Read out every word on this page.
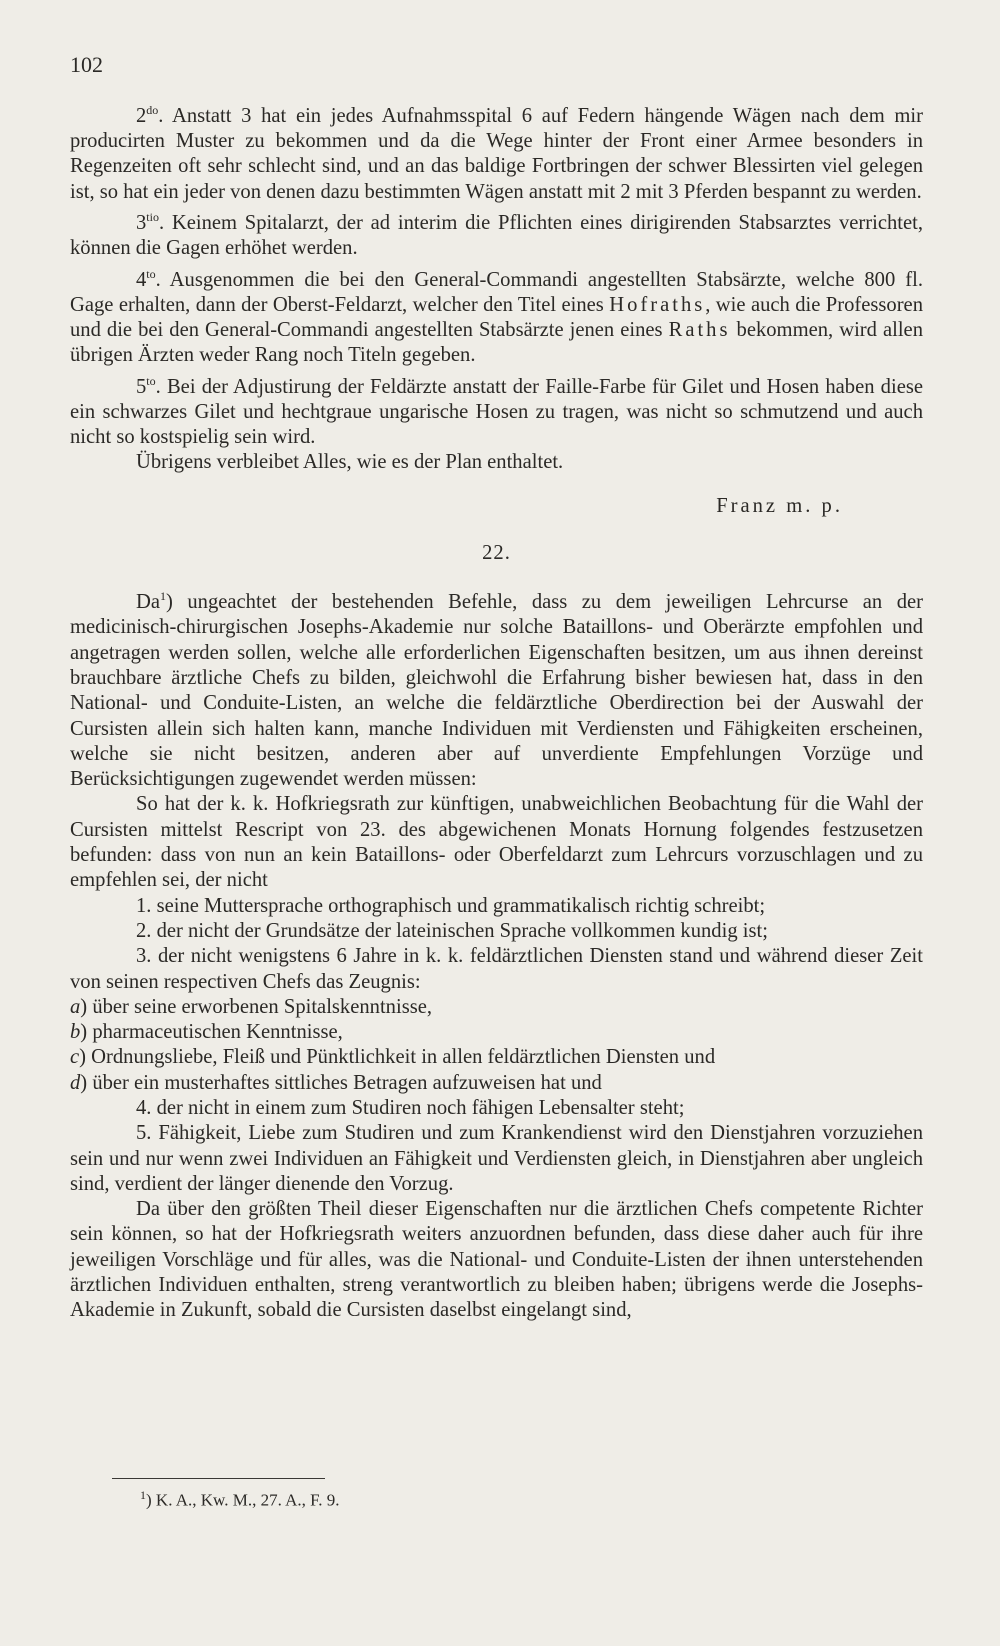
102

$2^{do}$. Anstatt 3 hat ein jedes Aufnahmsspital 6 auf Federn hängende Wägen nach dem mir producirten Muster zu bekommen und da die Wege hinter der Front einer Armee besonders in Regenzeiten oft sehr schlecht sind, und an das baldige Fortbringen der schwer Blessirten viel gelegen ist, so hat ein jeder von denen dazu bestimmten Wägen anstatt mit 2 mit 3 Pferden bespannt zu werden.

$3^{tio}$. Keinem Spitalarzt, der ad interim die Pflichten eines dirigirenden Stabsarztes verrichtet, können die Gagen erhöhet werden.

$4^{to}$. Ausgenommen die bei den General-Commandi angestellten Stabsärzte, welche 800 fl. Gage erhalten, dann der Oberst-Feldarzt, welcher den Titel eines Hofraths, wie auch die Professoren und die bei den General-Commandi angestellten Stabsärzte jenen eines Raths bekommen, wird allen übrigen Ärzten weder Rang noch Titeln gegeben.

$5^{to}$. Bei der Adjustirung der Feldärzte anstatt der Faille-Farbe für Gilet und Hosen haben diese ein schwarzes Gilet und hechtgraue ungarische Hosen zu tragen, was nicht so schmutzend und auch nicht so kostspielig sein wird.

Übrigens verbleibet Alles, wie es der Plan enthaltet.

Franz m. p.

22.

Da$^1$) ungeachtet der bestehenden Befehle, dass zu dem jeweiligen Lehrcurse an der medicinisch-chirurgischen Josephs-Akademie nur solche Bataillons- und Oberärzte empfohlen und angetragen werden sollen, welche alle erforderlichen Eigenschaften besitzen, um aus ihnen dereinst brauchbare ärztliche Chefs zu bilden, gleichwohl die Erfahrung bisher bewiesen hat, dass in den National- und Conduite-Listen, an welche die feldärztliche Oberdirection bei der Auswahl der Cursisten allein sich halten kann, manche Individuen mit Verdiensten und Fähigkeiten erscheinen, welche sie nicht besitzen, anderen aber auf unverdiente Empfehlungen Vorzüge und Berücksichtigungen zugewendet werden müssen:

So hat der k. k. Hofkriegsrath zur künftigen, unabweichlichen Beobachtung für die Wahl der Cursisten mittelst Rescript von 23. des abgewichenen Monats Hornung folgendes festzusetzen befunden: dass von nun an kein Bataillons- oder Oberfeldarzt zum Lehrcurs vorzuschlagen und zu empfehlen sei, der nicht

1. seine Muttersprache orthographisch und grammatikalisch richtig schreibt;

2. der nicht der Grundsätze der lateinischen Sprache vollkommen kundig ist;

3. der nicht wenigstens 6 Jahre in k. k. feldärztlichen Diensten stand und während dieser Zeit von seinen respectiven Chefs das Zeugnis:

a) über seine erworbenen Spitalskenntnisse,

b) pharmaceutischen Kenntnisse,

c) Ordnungsliebe, Fleiß und Pünktlichkeit in allen feldärztlichen Diensten und

d) über ein musterhaftes sittliches Betragen aufzuweisen hat und

4. der nicht in einem zum Studiren noch fähigen Lebensalter steht;

5. Fähigkeit, Liebe zum Studiren und zum Krankendienst wird den Dienstjahren vorzuziehen sein und nur wenn zwei Individuen an Fähigkeit und Verdiensten gleich, in Dienstjahren aber ungleich sind, verdient der länger dienende den Vorzug.

Da über den größten Theil dieser Eigenschaften nur die ärztlichen Chefs competente Richter sein können, so hat der Hofkriegsrath weiters anzuordnen befunden, dass diese daher auch für ihre jeweiligen Vorschläge und für alles, was die National- und Conduite-Listen der ihnen unterstehenden ärztlichen Individuen enthalten, streng verantwortlich zu bleiben haben; übrigens werde die Josephs-Akademie in Zukunft, sobald die Cursisten daselbst eingelangt sind,

$^1$) K. A., Kw. M., 27. A., F. 9.
